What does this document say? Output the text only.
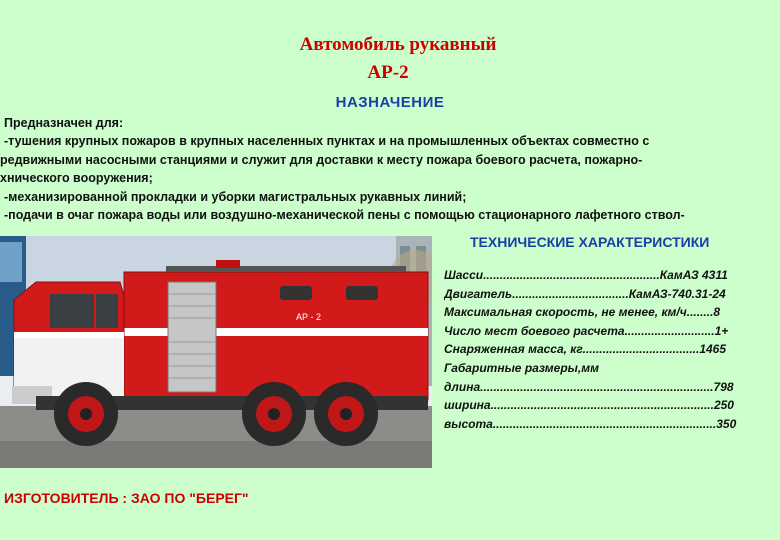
Автомобиль рукавный
АР-2
НАЗНАЧЕНИЕ
Предназначен для:
-тушения крупных пожаров в крупных населенных пунктах и на промышленных объектах совместно с
редвижными насосными станциями и служит для доставки к месту пожара боевого расчета, пожарно-
хнического вооружения;
-механизированной прокладки и уборки магистральных рукавных линий;
-подачи в очаг пожара воды или воздушно-механической пены с помощью стационарного лафетного ствол-
АР - 2
ТЕХНИЧЕСКИЕ ХАРАКТЕРИСТИКИ
Шасси.....................................................КамАЗ 4311
Двигатель...................................КамАЗ-740.31-24
Максимальная скорость, не менее, км/ч........8
Число мест боевого расчета...........................1+
Снаряженная масса, кг...................................1465
Габаритные размеры,мм
длина......................................................................798
ширина...................................................................250
высота...................................................................350
ИЗГОТОВИТЕЛЬ : ЗАО ПО "БЕРЕГ"
